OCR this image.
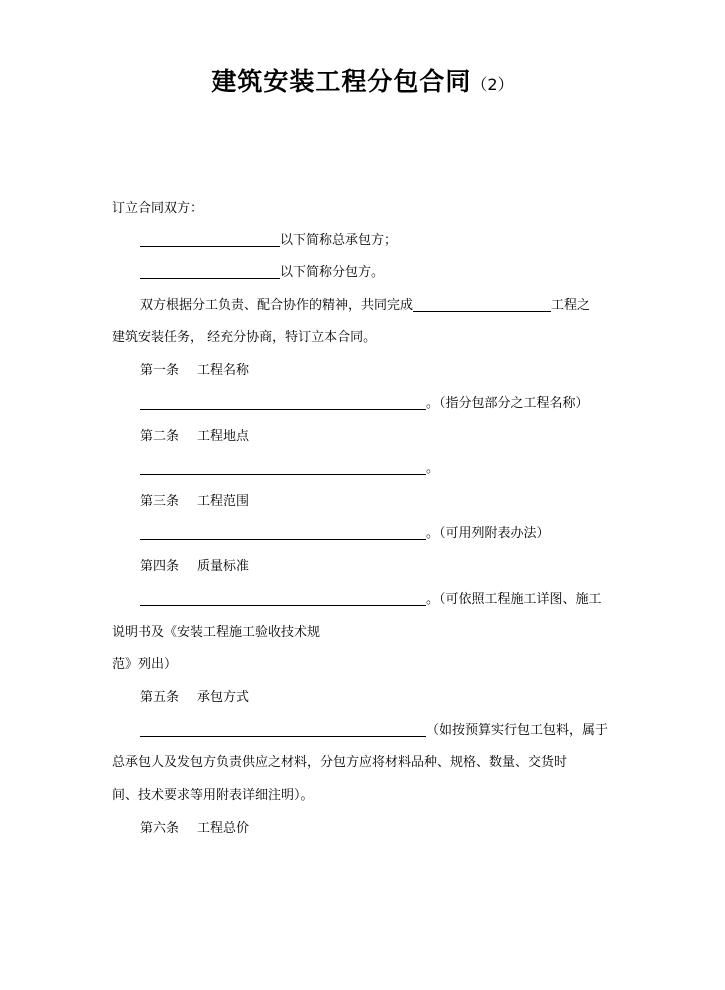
建筑安装工程分包合同（2）
订立合同双方：
以下简称总承包方；
以下简称分包方。
双方根据分工负责、配合协作的精神，共同完成	工程之
建筑安装任务， 经充分协商，特订立本合同。
第一条 工程名称
。（指分包部分之工程名称）
第二条 工程地点
。
第三条 工程范围
。（可用列附表办法）
第四条 质量标准
。（可依照工程施工详图、施工
说明书及《安装工程施工验收技术规
范》列出）
第五条 承包方式
（如按预算实行包工包料，属于
总承包人及发包方负责供应之材料，分包方应将材料品种、规格、数量、交货时
间、技术要求等用附表详细注明）。
第六条 工程总价
